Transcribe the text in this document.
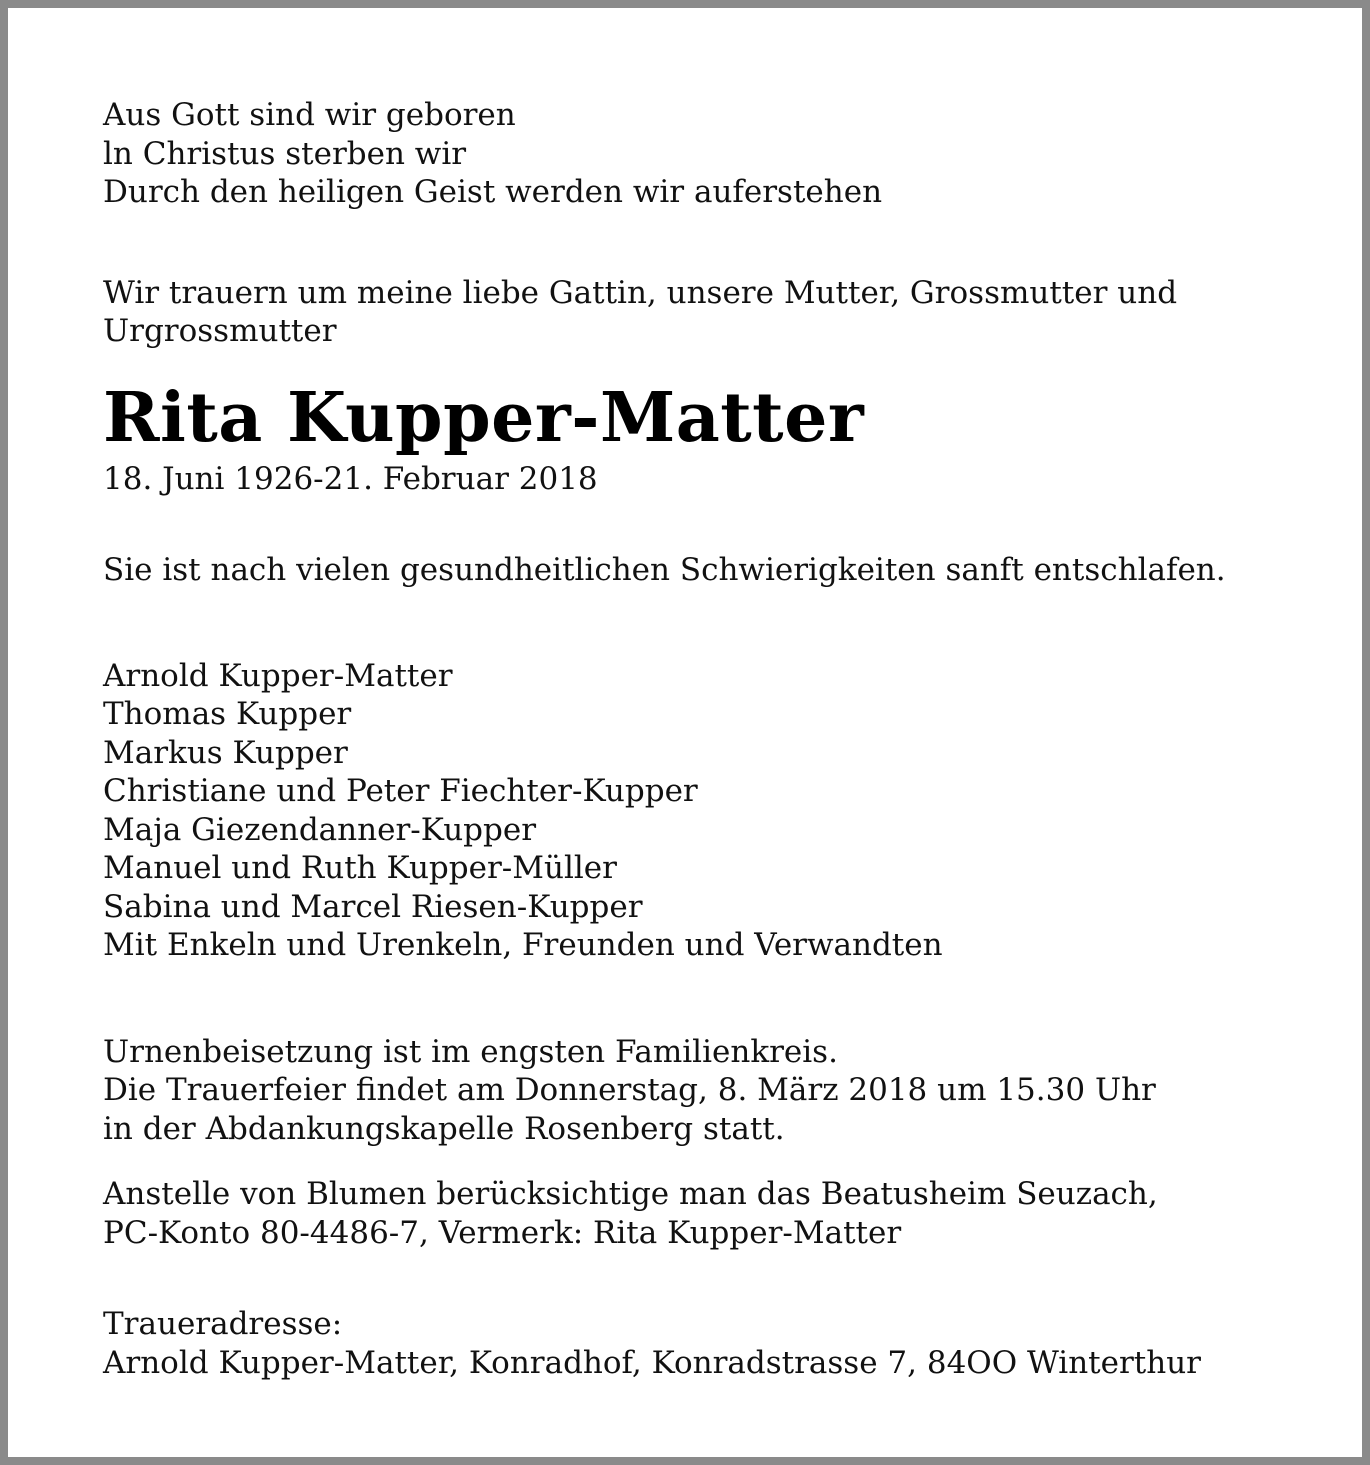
Aus Gott sind wir geboren
ln Christus sterben wir
Durch den heiligen Geist werden wir auferstehen
Wir trauern um meine liebe Gattin, unsere Mutter, Grossmutter und
Urgrossmutter
Rita Kupper-Matter
18. Juni 1926-21. Februar 2018
Sie ist nach vielen gesundheitlichen Schwierigkeiten sanft entschlafen.
Arnold Kupper-Matter
Thomas Kupper
Markus Kupper
Christiane und Peter Fiechter-Kupper
Maja Giezendanner-Kupper
Manuel und Ruth Kupper-Müller
Sabina und Marcel Riesen-Kupper
Mit Enkeln und Urenkeln, Freunden und Verwandten
Urnenbeisetzung ist im engsten Familienkreis.
Die Trauerfeier findet am Donnerstag, 8. März 2018 um 15.30 Uhr
in der Abdankungskapelle Rosenberg statt.
Anstelle von Blumen berücksichtige man das Beatusheim Seuzach,
PC-Konto 80-4486-7, Vermerk: Rita Kupper-Matter
Traueradresse:
Arnold Kupper-Matter, Konradhof, Konradstrasse 7, 84OO Winterthur
